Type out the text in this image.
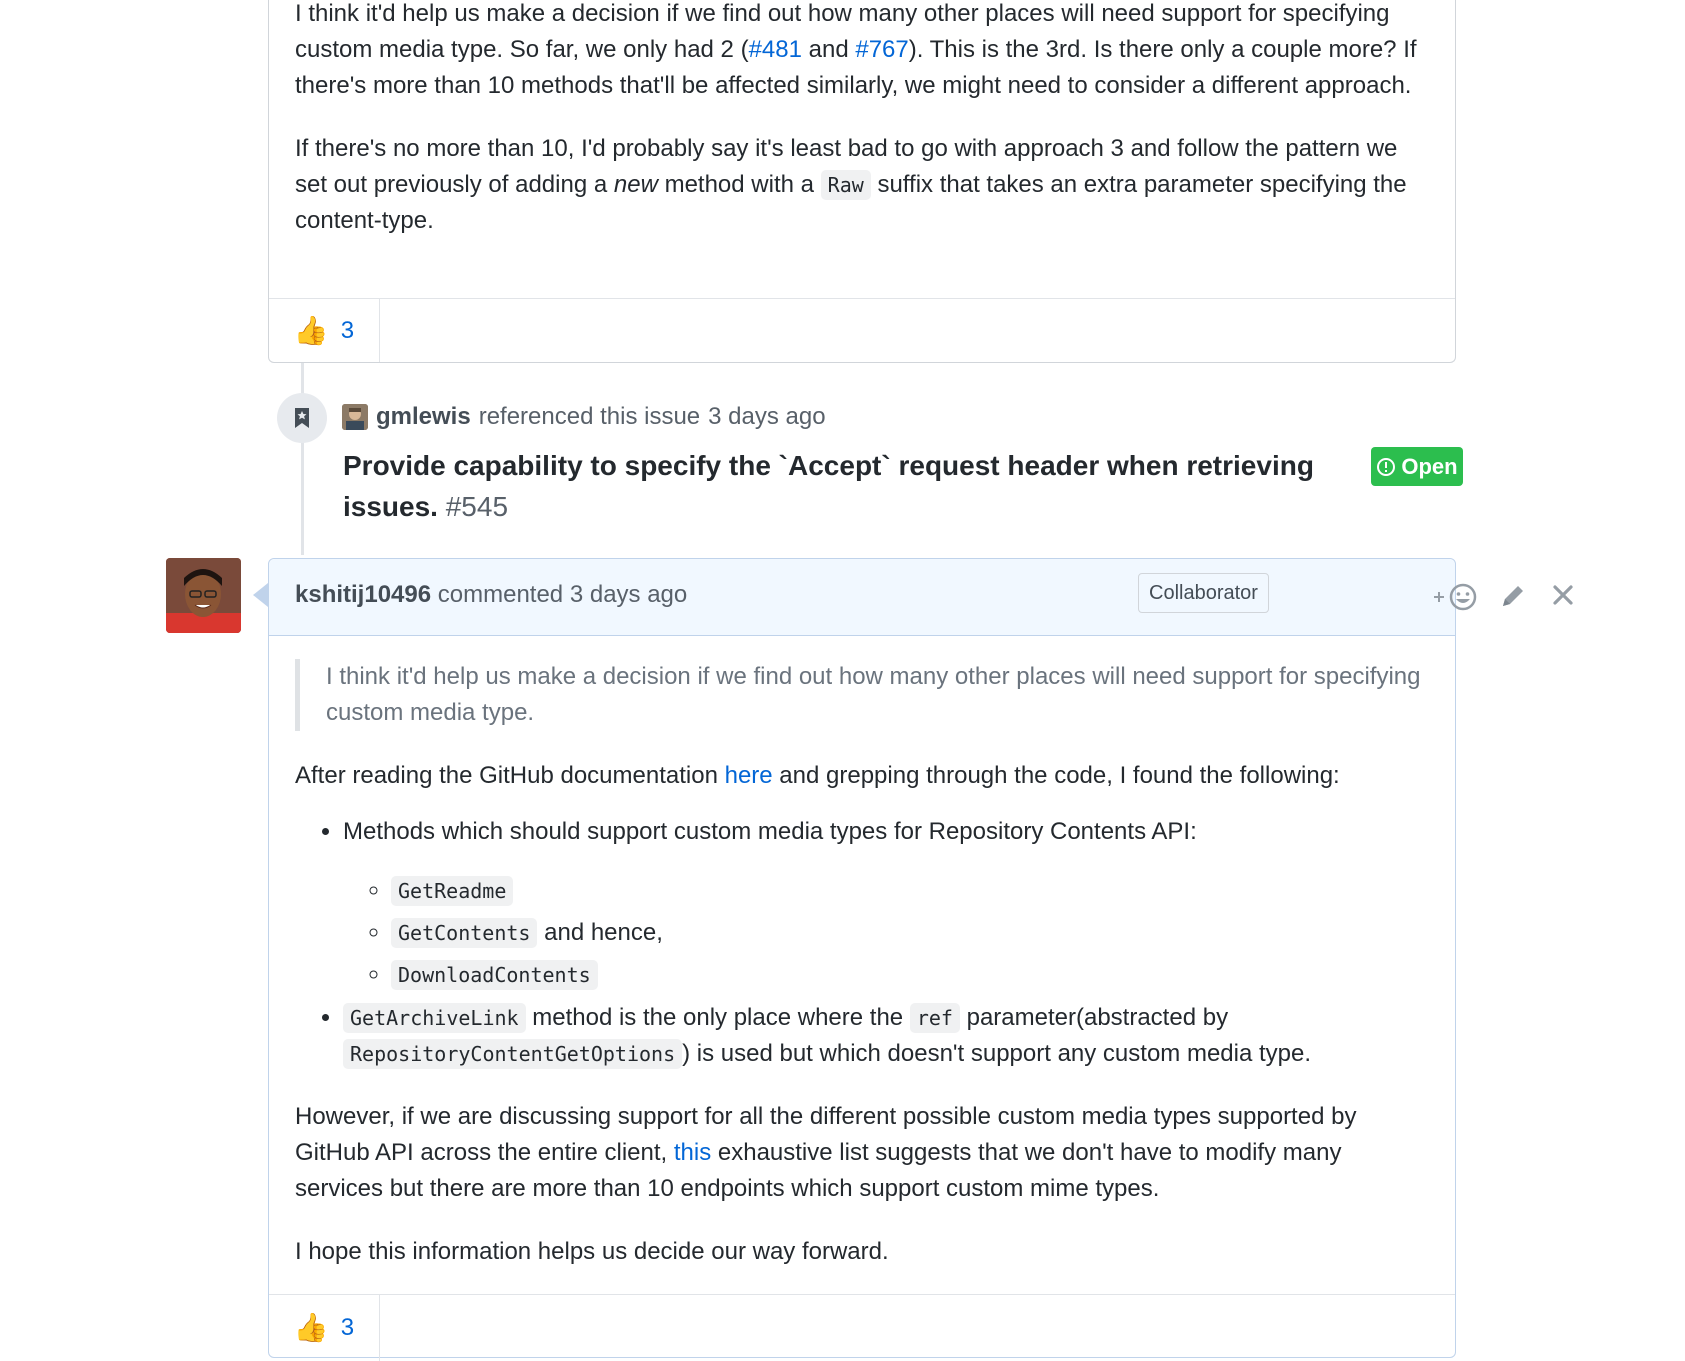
I think it'd help us make a decision if we find out how many other places will need support for specifying custom media type. So far, we only had 2 (#481 and #767). This is the 3rd. Is there only a couple more? If there's more than 10 methods that'll be affected similarly, we might need to consider a different approach.

If there's no more than 10, I'd probably say it's least bad to go with approach 3 and follow the pattern we set out previously of adding a new method with a Raw suffix that takes an extra parameter specifying the content-type.

👍 3
gmlewis referenced this issue 3 days ago
Provide capability to specify the `Accept` request header when retrieving issues. #545
Open
kshitij10496 commented 3 days ago	Collaborator
I think it'd help us make a decision if we find out how many other places will need support for specifying custom media type.

After reading the GitHub documentation here and grepping through the code, I found the following:

• Methods which should support custom media types for Repository Contents API:
◦ GetReadme
◦ GetContents and hence,
◦ DownloadContents
• GetArchiveLink method is the only place where the ref parameter(abstracted by RepositoryContentGetOptions ) is used but which doesn't support any custom media type.

However, if we are discussing support for all the different possible custom media types supported by GitHub API across the entire client, this exhaustive list suggests that we don't have to modify many services but there are more than 10 endpoints which support custom mime types.

I hope this information helps us decide our way forward.

👍 3
